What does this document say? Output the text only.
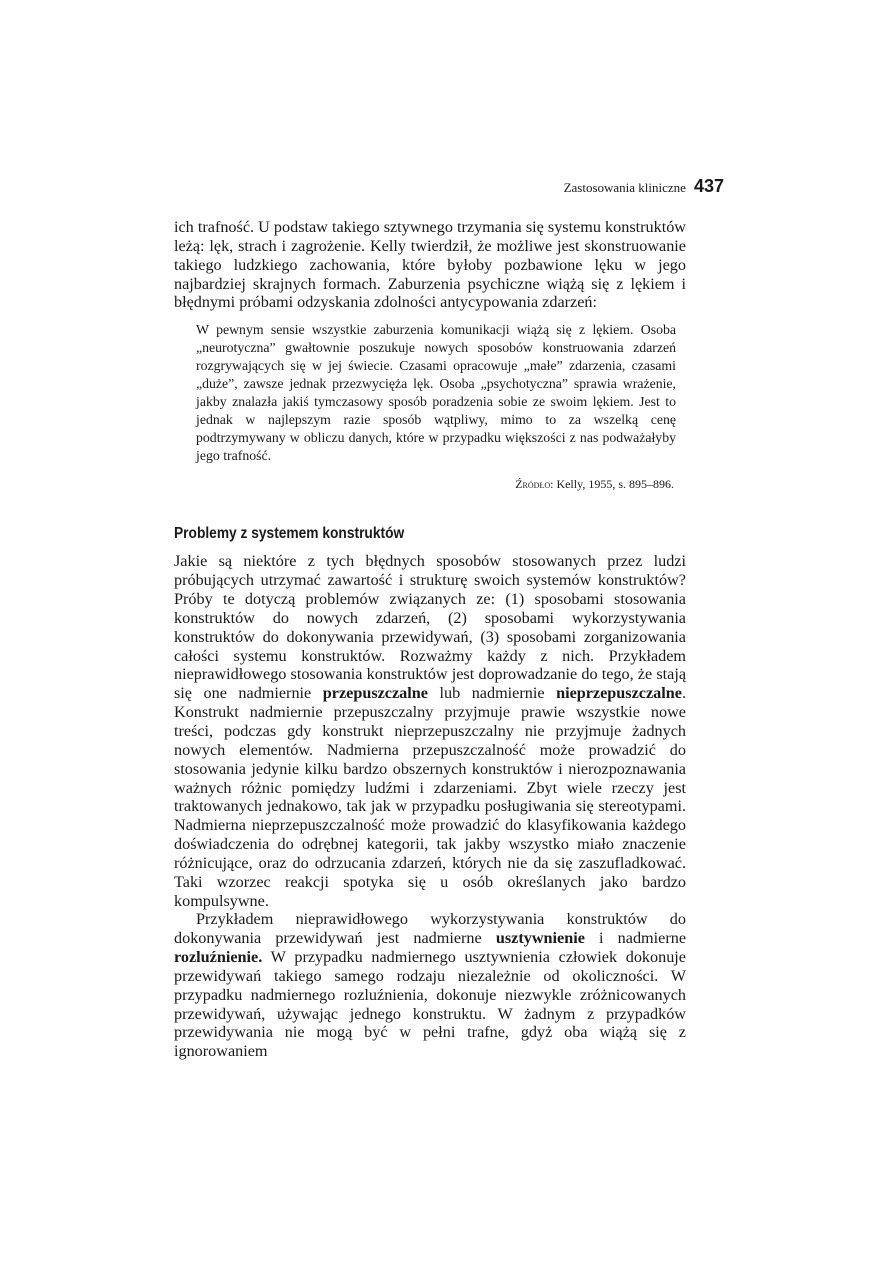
Zastosowania kliniczne 437

ich trafność. U podstaw takiego sztywnego trzymania się systemu konstruktów leżą: lęk, strach i zagrożenie. Kelly twierdził, że możliwe jest skonstruowanie takiego ludzkiego zachowania, które byłoby pozbawione lęku w jego najbardziej skrajnych formach. Zaburzenia psychiczne wiążą się z lękiem i błędnymi próbami odzyskania zdolności antycypowania zdarzeń:

W pewnym sensie wszystkie zaburzenia komunikacji wiążą się z lękiem. Osoba „neurotyczna” gwałtownie poszukuje nowych sposobów konstruowania zdarzeń rozgrywających się w jej świecie. Czasami opracowuje „małe” zdarzenia, czasami „duże”, zawsze jednak przezwycięża lęk. Osoba „psychotyczna” sprawia wrażenie, jakby znalazła jakiś tymczasowy sposób poradzenia sobie ze swoim lękiem. Jest to jednak w najlepszym razie sposób wątpliwy, mimo to za wszelką cenę podtrzymywany w obliczu danych, które w przypadku większości z nas podważałyby jego trafność.
Źródło: Kelly, 1955, s. 895–896.
Problemy z systemem konstruktów

Jakie są niektóre z tych błędnych sposobów stosowanych przez ludzi próbujących utrzymać zawartość i strukturę swoich systemów konstruktów? Próby te dotyczą problemów związanych ze: (1) sposobami stosowania konstruktów do nowych zdarzeń, (2) sposobami wykorzystywania konstruktów do dokonywania przewidywań, (3) sposobami zorganizowania całości systemu konstruktów. Rozważmy każdy z nich. Przykładem nieprawidłowego stosowania konstruktów jest doprowadzanie do tego, że stają się one nadmiernie przepuszczalne lub nadmiernie nieprzepuszczalne. Konstrukt nadmiernie przepuszczalny przyjmuje prawie wszystkie nowe treści, podczas gdy konstrukt nieprzepuszczalny nie przyjmuje żadnych nowych elementów. Nadmierna przepuszczalność może prowadzić do stosowania jedynie kilku bardzo obszernych konstruktów i nierozpoznawania ważnych różnic pomiędzy ludźmi i zdarzeniami. Zbyt wiele rzeczy jest traktowanych jednakowo, tak jak w przypadku posługiwania się stereotypami. Nadmierna nieprzepuszczalność może prowadzić do klasyfikowania każdego doświadczenia do odrębnej kategorii, tak jakby wszystko miało znaczenie różnicujące, oraz do odrzucania zdarzeń, których nie da się zaszufladkować. Taki wzorzec reakcji spotyka się u osób określanych jako bardzo kompulsywne.

Przykładem nieprawidłowego wykorzystywania konstruktów do dokonywania przewidywań jest nadmierne usztywnienie i nadmierne rozluźnienie. W przypadku nadmiernego usztywnienia człowiek dokonuje przewidywań takiego samego rodzaju niezależnie od okoliczności. W przypadku nadmiernego rozluźnienia, dokonuje niezwykle zróżnicowanych przewidywań, używając jednego konstruktu. W żadnym z przypadków przewidywania nie mogą być w pełni trafne, gdyż oba wiążą się z ignorowaniem
